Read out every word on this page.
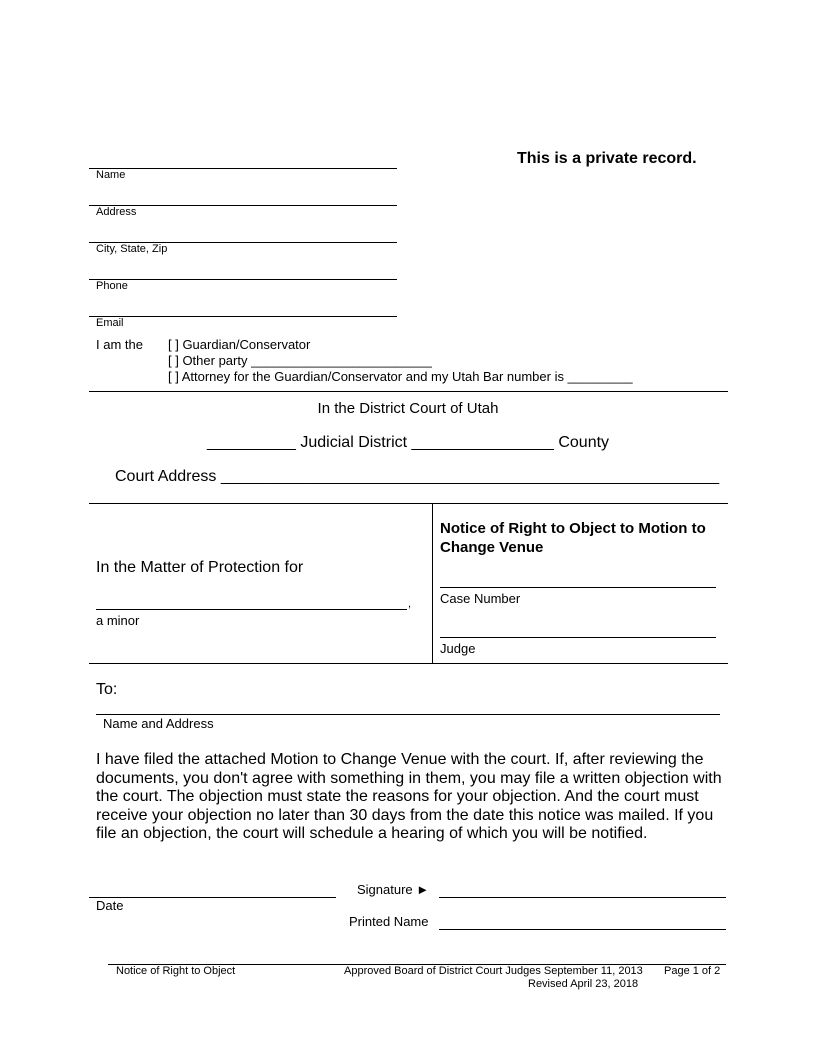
This is a private record.
Name
Address
City, State, Zip
Phone
Email
I am the [ ] Guardian/Conservator
[ ] Other party _________________________
[ ] Attorney for the Guardian/Conservator and my Utah Bar number is _________
In the District Court of Utah
__________ Judicial District ________________ County
Court Address ________________________________________________________
In the Matter of Protection for
,
a minor
Notice of Right to Object to Motion to Change Venue
Case Number
Judge
To:
Name and Address
I have filed the attached Motion to Change Venue with the court. If, after reviewing the documents, you don't agree with something in them, you may file a written objection with the court. The objection must state the reasons for your objection. And the court must receive your objection no later than 30 days from the date this notice was mailed. If you file an objection, the court will schedule a hearing of which you will be notified.
Date
Signature ►
Printed Name
Notice of Right to Object	Approved Board of District Court Judges September 11, 2013
Revised April 23, 2018
Page 1 of 2
